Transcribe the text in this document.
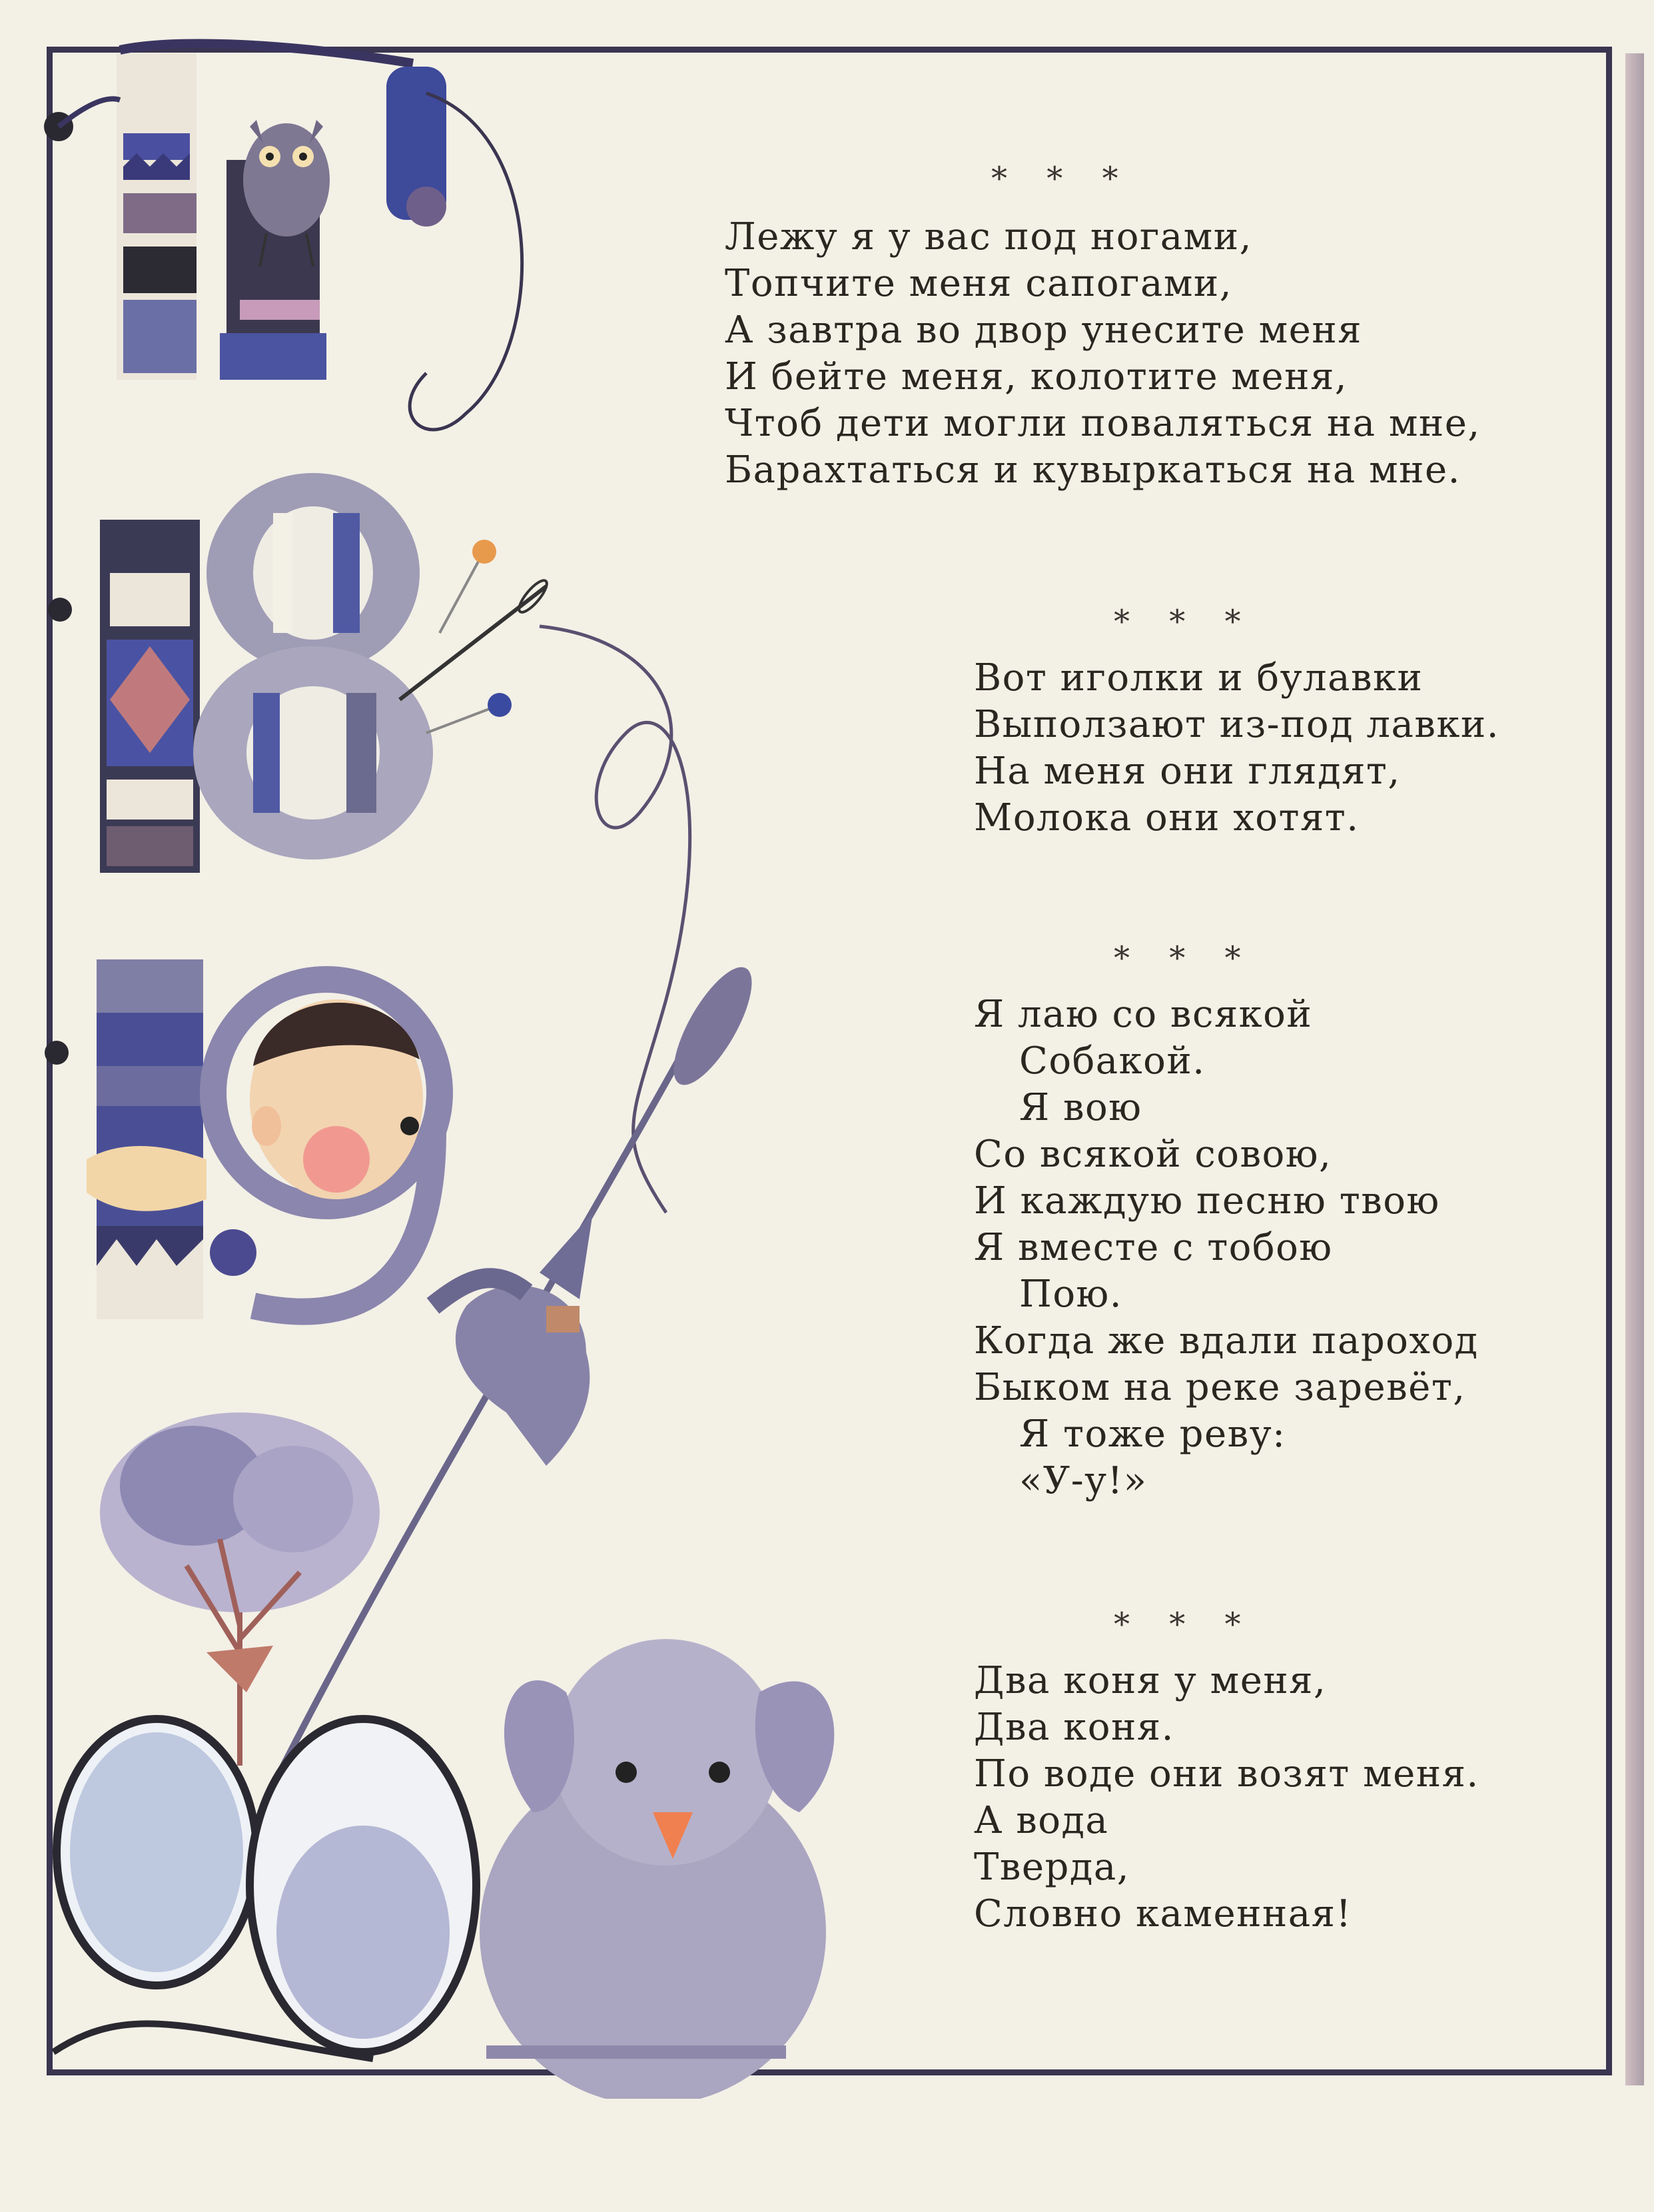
* * *
Лежу я у вас под ногами,
Топчите меня сапогами,
А завтра во двор унесите меня
И бейте меня, колотите меня,
Чтоб дети могли поваляться на мне,
Барахтаться и кувыркаться на мне.
* * *
Вот иголки и булавки
Выползают из-под лавки.
На меня они глядят,
Молока они хотят.
* * *
Я лаю со всякой
Собакой.
Я вою
Со всякой совою,
И каждую песню твою
Я вместе с тобою
Пою.
Когда же вдали пароход
Быком на реке заревёт,
Я тоже реву:
«У-у!»
* * *
Два коня у меня,
Два коня.
По воде они возят меня.
А вода
Тверда,
Словно каменная!
